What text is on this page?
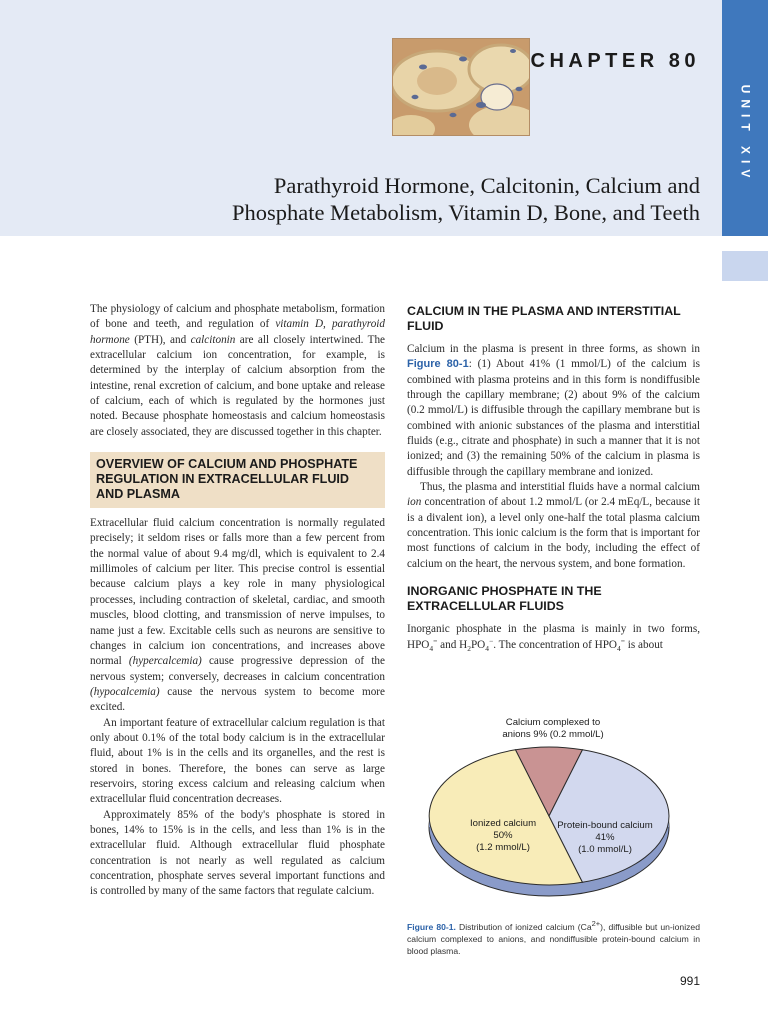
UNIT XIV
CHAPTER 80
Parathyroid Hormone, Calcitonin, Calcium and
Phosphate Metabolism, Vitamin D, Bone, and Teeth

The physiology of calcium and phosphate metabolism, formation of bone and teeth, and regulation of vitamin D, parathyroid hormone (PTH), and calcitonin are all closely intertwined. The extracellular calcium ion concentration, for example, is determined by the interplay of calcium absorption from the intestine, renal excretion of calcium, and bone uptake and release of calcium, each of which is regulated by the hormones just noted. Because phosphate homeostasis and calcium homeostasis are closely associated, they are discussed together in this chapter.

OVERVIEW OF CALCIUM AND PHOSPHATE REGULATION IN EXTRACELLULAR FLUID AND PLASMA

Extracellular fluid calcium concentration is normally regulated precisely; it seldom rises or falls more than a few percent from the normal value of about 9.4 mg/dl, which is equivalent to 2.4 millimoles of calcium per liter. This precise control is essential because calcium plays a key role in many physiological processes, including contraction of skeletal, cardiac, and smooth muscles, blood clotting, and transmission of nerve impulses, to name just a few. Excitable cells such as neurons are sensitive to changes in calcium ion concentrations, and increases above normal (hypercalcemia) cause progressive depression of the nervous system; conversely, decreases in calcium concentration (hypocalcemia) cause the nervous system to become more excited.

An important feature of extracellular calcium regulation is that only about 0.1% of the total body calcium is in the extracellular fluid, about 1% is in the cells and its organelles, and the rest is stored in bones. Therefore, the bones can serve as large reservoirs, storing excess calcium and releasing calcium when extracellular fluid concentration decreases.

Approximately 85% of the body's phosphate is stored in bones, 14% to 15% is in the cells, and less than 1% is in the extracellular fluid. Although extracellular fluid phosphate concentration is not nearly as well regulated as calcium concentration, phosphate serves several important functions and is controlled by many of the same factors that regulate calcium.

CALCIUM IN THE PLASMA AND INTERSTITIAL FLUID

Calcium in the plasma is present in three forms, as shown in Figure 80-1: (1) About 41% (1 mmol/L) of the calcium is combined with plasma proteins and in this form is nondiffusible through the capillary membrane; (2) about 9% of the calcium (0.2 mmol/L) is diffusible through the capillary membrane but is combined with anionic substances of the plasma and interstitial fluids (e.g., citrate and phosphate) in such a manner that it is not ionized; and (3) the remaining 50% of the calcium in plasma is diffusible through the capillary membrane and ionized.

Thus, the plasma and interstitial fluids have a normal calcium ion concentration of about 1.2 mmol/L (or 2.4 mEq/L, because it is a divalent ion), a level only one-half the total plasma calcium concentration. This ionic calcium is the form that is important for most functions of calcium in the body, including the effect of calcium on the heart, the nervous system, and bone formation.

INORGANIC PHOSPHATE IN THE EXTRACELLULAR FLUIDS

Inorganic phosphate in the plasma is mainly in two forms, $HPO_4^=$ and $H_2PO_4^-$. The concentration of $HPO_4^=$ is about

Calcium complexed to
anions 9% (0.2 mmol/L)
Ionized calcium
50%
(1.2 mmol/L)
Protein-bound calcium
41%
(1.0 mmol/L)
Figure 80-1. Distribution of ionized calcium $(Ca^{2+})$, diffusible but un-ionized calcium complexed to anions, and nondiffusible protein-bound calcium in blood plasma.
991
